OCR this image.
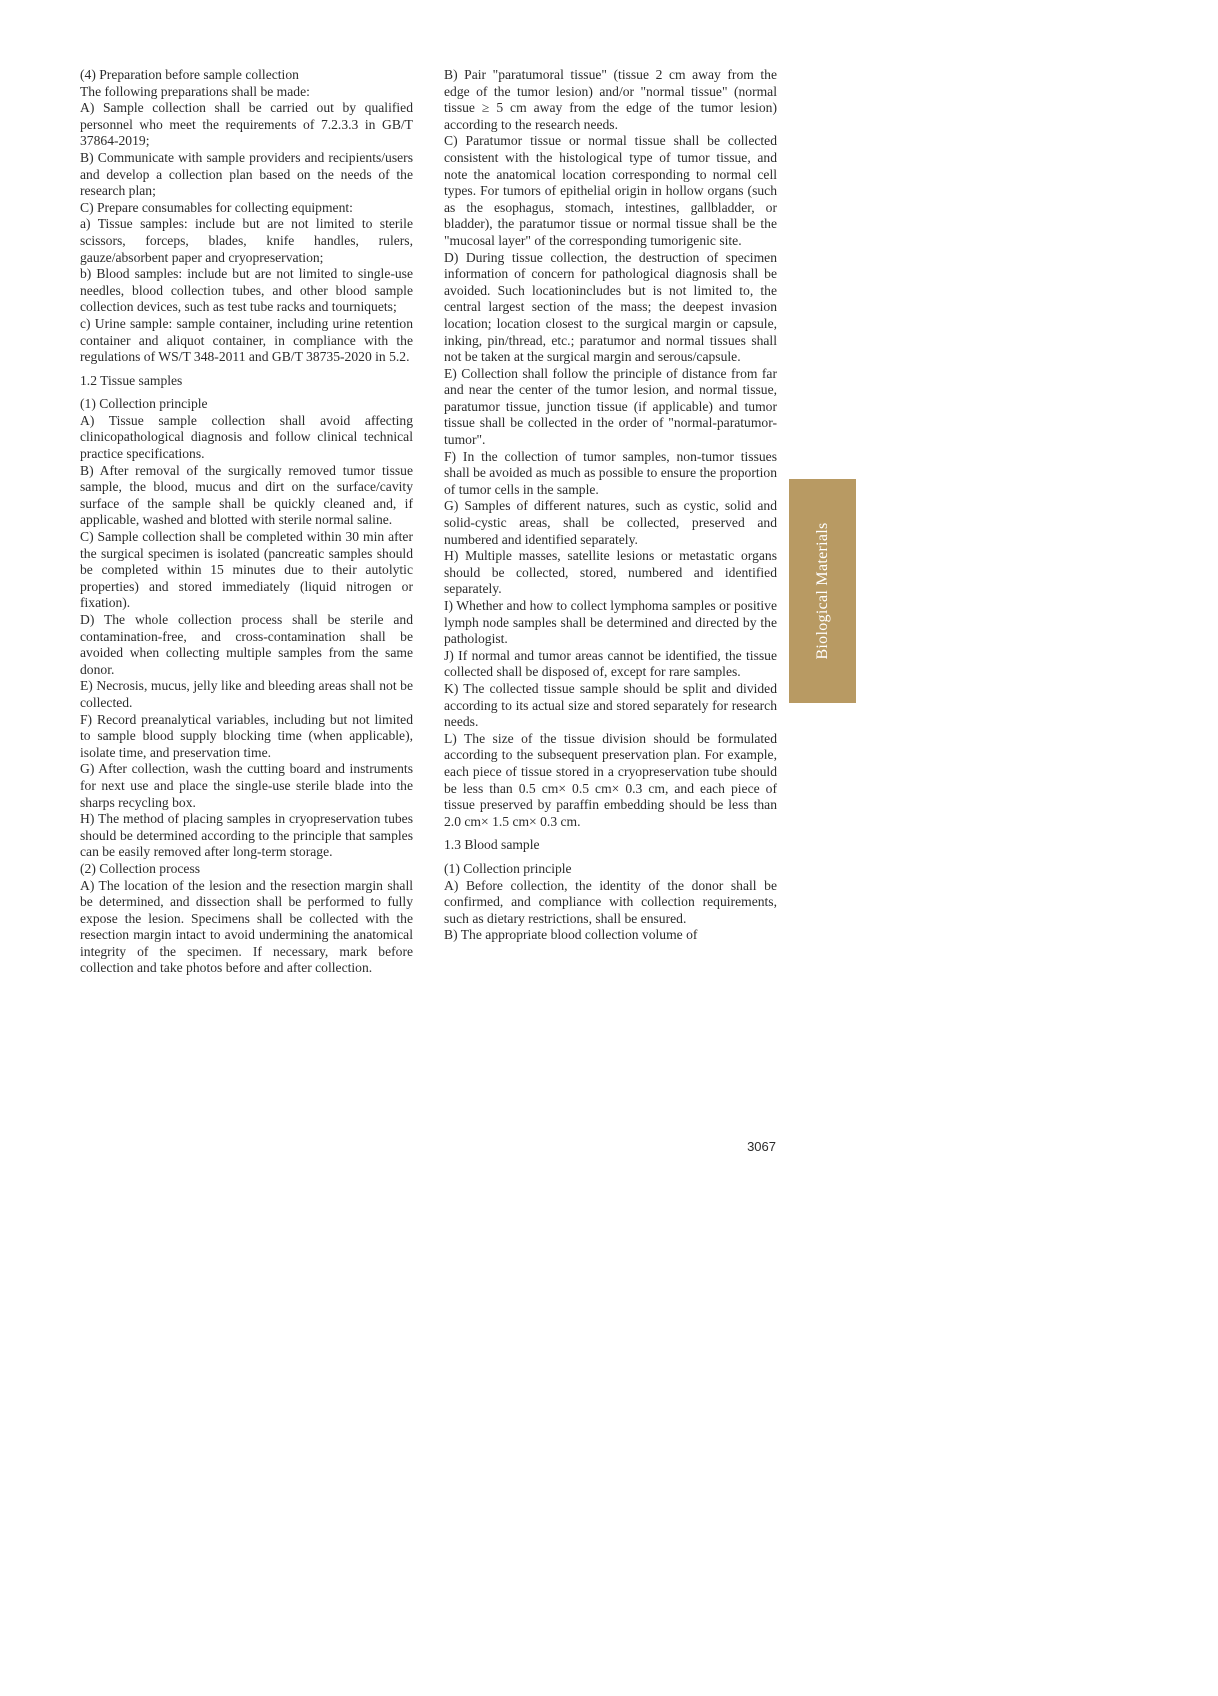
(4) Preparation before sample collection

The following preparations shall be made:

A) Sample collection shall be carried out by qualified personnel who meet the requirements of 7.2.3.3 in GB/T 37864-2019;

B) Communicate with sample providers and recipients/users and develop a collection plan based on the needs of the research plan;

C) Prepare consumables for collecting equipment:

a) Tissue samples: include but are not limited to sterile scissors, forceps, blades, knife handles, rulers, gauze/absorbent paper and cryopreservation;

b) Blood samples: include but are not limited to single-use needles, blood collection tubes, and other blood sample collection devices, such as test tube racks and tourniquets;

c) Urine sample: sample container, including urine retention container and aliquot container, in compliance with the regulations of WS/T 348-2011 and GB/T 38735-2020 in 5.2.

1.2 Tissue samples

(1) Collection principle

A) Tissue sample collection shall avoid affecting clinicopathological diagnosis and follow clinical technical practice specifications.

B) After removal of the surgically removed tumor tissue sample, the blood, mucus and dirt on the surface/cavity surface of the sample shall be quickly cleaned and, if applicable, washed and blotted with sterile normal saline.

C) Sample collection shall be completed within 30 min after the surgical specimen is isolated (pancreatic samples should be completed within 15 minutes due to their autolytic properties) and stored immediately (liquid nitrogen or fixation).

D) The whole collection process shall be sterile and contamination-free, and cross-contamination shall be avoided when collecting multiple samples from the same donor.

E) Necrosis, mucus, jelly like and bleeding areas shall not be collected.

F) Record preanalytical variables, including but not limited to sample blood supply blocking time (when applicable), isolate time, and preservation time.

G) After collection, wash the cutting board and instruments for next use and place the single-use sterile blade into the sharps recycling box.

H) The method of placing samples in cryopreservation tubes should be determined according to the principle that samples can be easily removed after long-term storage.

(2) Collection process

A) The location of the lesion and the resection margin shall be determined, and dissection shall be performed to fully expose the lesion. Specimens shall be collected with the resection margin intact to avoid undermining the anatomical integrity of the specimen. If necessary, mark before collection and take photos before and after collection.

B) Pair "paratumoral tissue" (tissue 2 cm away from the edge of the tumor lesion) and/or "normal tissue" (normal tissue ≥ 5 cm away from the edge of the tumor lesion) according to the research needs.

C) Paratumor tissue or normal tissue shall be collected consistent with the histological type of tumor tissue, and note the anatomical location corresponding to normal cell types. For tumors of epithelial origin in hollow organs (such as the esophagus, stomach, intestines, gallbladder, or bladder), the paratumor tissue or normal tissue shall be the "mucosal layer" of the corresponding tumorigenic site.

D) During tissue collection, the destruction of specimen information of concern for pathological diagnosis shall be avoided. Such locationincludes but is not limited to, the central largest section of the mass; the deepest invasion location; location closest to the surgical margin or capsule, inking, pin/thread, etc.; paratumor and normal tissues shall not be taken at the surgical margin and serous/capsule.

E) Collection shall follow the principle of distance from far and near the center of the tumor lesion, and normal tissue, paratumor tissue, junction tissue (if applicable) and tumor tissue shall be collected in the order of "normal-paratumor-tumor".

F) In the collection of tumor samples, non-tumor tissues shall be avoided as much as possible to ensure the proportion of tumor cells in the sample.

G) Samples of different natures, such as cystic, solid and solid-cystic areas, shall be collected, preserved and numbered and identified separately.

H) Multiple masses, satellite lesions or metastatic organs should be collected, stored, numbered and identified separately.

I) Whether and how to collect lymphoma samples or positive lymph node samples shall be determined and directed by the pathologist.

J) If normal and tumor areas cannot be identified, the tissue collected shall be disposed of, except for rare samples.

K) The collected tissue sample should be split and divided according to its actual size and stored separately for research needs.

L) The size of the tissue division should be formulated according to the subsequent preservation plan. For example, each piece of tissue stored in a cryopreservation tube should be less than 0.5 cm× 0.5 cm× 0.3 cm, and each piece of tissue preserved by paraffin embedding should be less than 2.0 cm× 1.5 cm× 0.3 cm.

1.3 Blood sample

(1) Collection principle

A) Before collection, the identity of the donor shall be confirmed, and compliance with collection requirements, such as dietary restrictions, shall be ensured.

B) The appropriate blood collection volume of

Biological Materials
3067
